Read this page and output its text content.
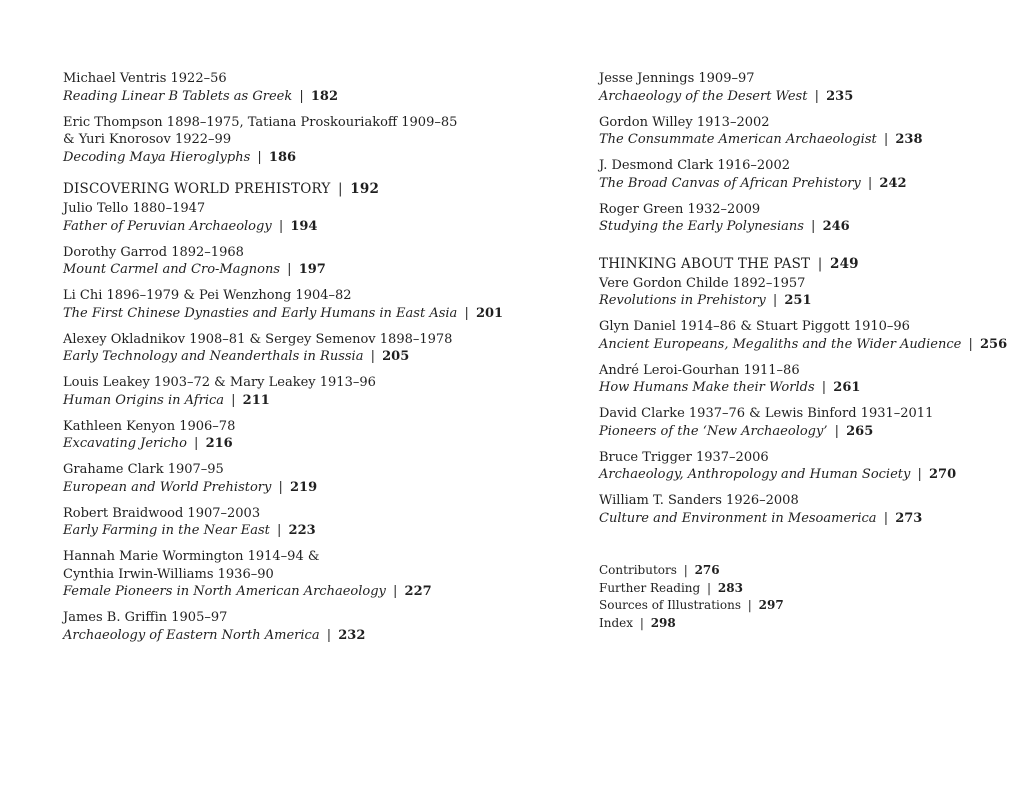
Michael Ventris 1922–56
Reading Linear B Tablets as Greek | 182
Eric Thompson 1898–1975, Tatiana Proskouriakoff 1909–85
& Yuri Knorosov 1922–99
Decoding Maya Hieroglyphs | 186
DISCOVERING WORLD PREHISTORY | 192
Julio Tello 1880–1947
Father of Peruvian Archaeology | 194
Dorothy Garrod 1892–1968
Mount Carmel and Cro-Magnons | 197
Li Chi 1896–1979 & Pei Wenzhong 1904–82
The First Chinese Dynasties and Early Humans in East Asia | 201
Alexey Okladnikov 1908–81 & Sergey Semenov 1898–1978
Early Technology and Neanderthals in Russia | 205
Louis Leakey 1903–72 & Mary Leakey 1913–96
Human Origins in Africa | 211
Kathleen Kenyon 1906–78
Excavating Jericho | 216
Grahame Clark 1907–95
European and World Prehistory | 219
Robert Braidwood 1907–2003
Early Farming in the Near East | 223
Hannah Marie Wormington 1914–94 &
Cynthia Irwin-Williams 1936–90
Female Pioneers in North American Archaeology | 227
James B. Griffin 1905–97
Archaeology of Eastern North America | 232
Jesse Jennings 1909–97
Archaeology of the Desert West | 235
Gordon Willey 1913–2002
The Consummate American Archaeologist | 238
J. Desmond Clark 1916–2002
The Broad Canvas of African Prehistory | 242
Roger Green 1932–2009
Studying the Early Polynesians | 246
THINKING ABOUT THE PAST | 249
Vere Gordon Childe 1892–1957
Revolutions in Prehistory | 251
Glyn Daniel 1914–86 & Stuart Piggott 1910–96
Ancient Europeans, Megaliths and the Wider Audience | 256
André Leroi-Gourhan 1911–86
How Humans Make their Worlds | 261
David Clarke 1937–76 & Lewis Binford 1931–2011
Pioneers of the ‘New Archaeology’ | 265
Bruce Trigger 1937–2006
Archaeology, Anthropology and Human Society | 270
William T. Sanders 1926–2008
Culture and Environment in Mesoamerica | 273
Contributors | 276
Further Reading | 283
Sources of Illustrations | 297
Index | 298
